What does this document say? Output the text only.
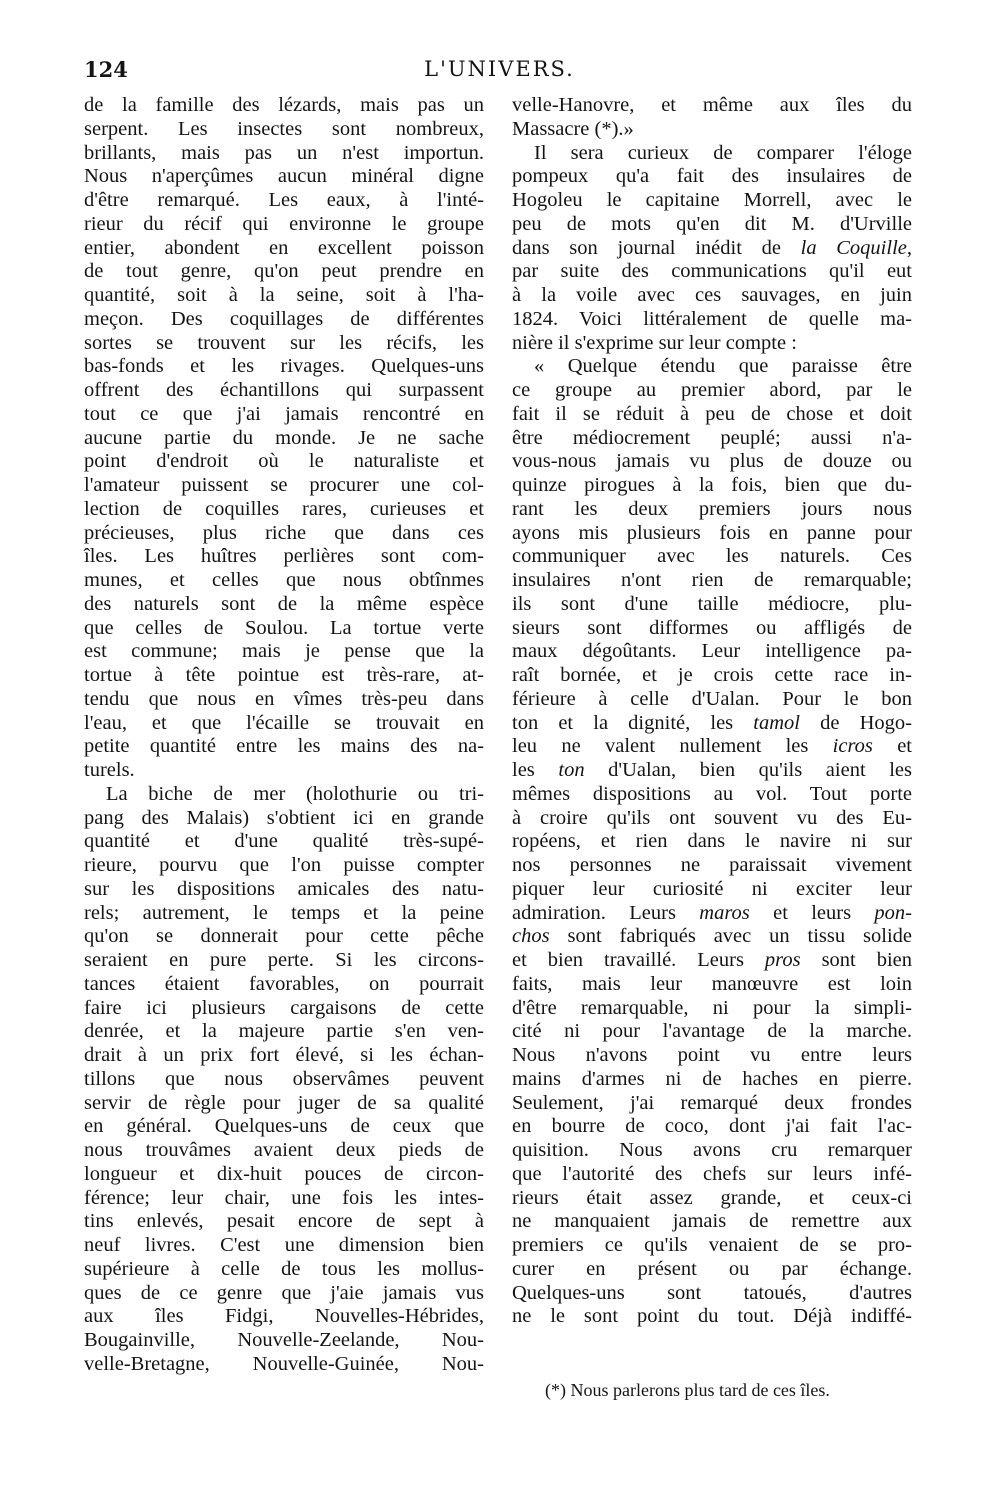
124	L'UNIVERS.
de la famille des lézards, mais pas un
serpent. Les insectes sont nombreux,
brillants, mais pas un n'est importun.
Nous n'aperçûmes aucun minéral digne
d'être remarqué. Les eaux, à l'inté-
rieur du récif qui environne le groupe
entier, abondent en excellent poisson
de tout genre, qu'on peut prendre en
quantité, soit à la seine, soit à l'ha-
meçon. Des coquillages de différentes
sortes se trouvent sur les récifs, les
bas-fonds et les rivages. Quelques-uns
offrent des échantillons qui surpassent
tout ce que j'ai jamais rencontré en
aucune partie du monde. Je ne sache
point d'endroit où le naturaliste et
l'amateur puissent se procurer une col-
lection de coquilles rares, curieuses et
précieuses, plus riche que dans ces
îles. Les huîtres perlières sont com-
munes, et celles que nous obtînmes
des naturels sont de la même espèce
que celles de Soulou. La tortue verte
est commune; mais je pense que la
tortue à tête pointue est très-rare, at-
tendu que nous en vîmes très-peu dans
l'eau, et que l'écaille se trouvait en
petite quantité entre les mains des na-
turels.
La biche de mer (holothurie ou tri-
pang des Malais) s'obtient ici en grande
quantité et d'une qualité très-supé-
rieure, pourvu que l'on puisse compter
sur les dispositions amicales des natu-
rels; autrement, le temps et la peine
qu'on se donnerait pour cette pêche
seraient en pure perte. Si les circons-
tances étaient favorables, on pourrait
faire ici plusieurs cargaisons de cette
denrée, et la majeure partie s'en ven-
drait à un prix fort élevé, si les échan-
tillons que nous observâmes peuvent
servir de règle pour juger de sa qualité
en général. Quelques-uns de ceux que
nous trouvâmes avaient deux pieds de
longueur et dix-huit pouces de circon-
férence; leur chair, une fois les intes-
tins enlevés, pesait encore de sept à
neuf livres. C'est une dimension bien
supérieure à celle de tous les mollus-
ques de ce genre que j'aie jamais vus
aux îles Fidgi, Nouvelles-Hébrides,
Bougainville, Nouvelle-Zeelande, Nou-
velle-Bretagne, Nouvelle-Guinée, Nou-
velle-Hanovre, et même aux îles du
Massacre (*).»
Il sera curieux de comparer l'éloge
pompeux qu'a fait des insulaires de
Hogoleu le capitaine Morrell, avec le
peu de mots qu'en dit M. d'Urville
dans son journal inédit de la Coquille,
par suite des communications qu'il eut
à la voile avec ces sauvages, en juin
1824. Voici littéralement de quelle ma-
nière il s'exprime sur leur compte :
« Quelque étendu que paraisse être
ce groupe au premier abord, par le
fait il se réduit à peu de chose et doit
être médiocrement peuplé; aussi n'a-
vous-nous jamais vu plus de douze ou
quinze pirogues à la fois, bien que du-
rant les deux premiers jours nous
ayons mis plusieurs fois en panne pour
communiquer avec les naturels. Ces
insulaires n'ont rien de remarquable;
ils sont d'une taille médiocre, plu-
sieurs sont difformes ou affligés de
maux dégoûtants. Leur intelligence pa-
raît bornée, et je crois cette race in-
férieure à celle d'Ualan. Pour le bon
ton et la dignité, les tamol de Hogo-
leu ne valent nullement les icros et
les ton d'Ualan, bien qu'ils aient les
mêmes dispositions au vol. Tout porte
à croire qu'ils ont souvent vu des Eu-
ropéens, et rien dans le navire ni sur
nos personnes ne paraissait vivement
piquer leur curiosité ni exciter leur
admiration. Leurs maros et leurs pon-
chos sont fabriqués avec un tissu solide
et bien travaillé. Leurs pros sont bien
faits, mais leur manœuvre est loin
d'être remarquable, ni pour la simpli-
cité ni pour l'avantage de la marche.
Nous n'avons point vu entre leurs
mains d'armes ni de haches en pierre.
Seulement, j'ai remarqué deux frondes
en bourre de coco, dont j'ai fait l'ac-
quisition. Nous avons cru remarquer
que l'autorité des chefs sur leurs infé-
rieurs était assez grande, et ceux-ci
ne manquaient jamais de remettre aux
premiers ce qu'ils venaient de se pro-
curer en présent ou par échange.
Quelques-uns sont tatoués, d'autres
ne le sont point du tout. Déjà indiffé-
(*) Nous parlerons plus tard de ces îles.
